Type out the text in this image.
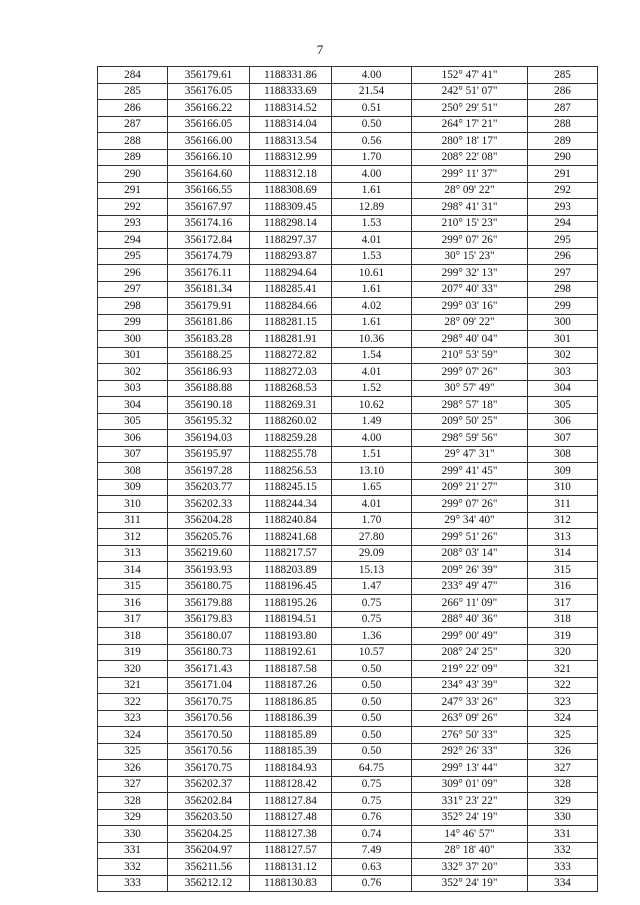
7
284	356179.61	1188331.86	4.00	152° 47' 41"	285
285	356176.05	1188333.69	21.54	242° 51' 07"	286
286	356166.22	1188314.52	0.51	250° 29' 51"	287
287	356166.05	1188314.04	0.50	264° 17' 21"	288
288	356166.00	1188313.54	0.56	280° 18' 17"	289
289	356166.10	1188312.99	1.70	208° 22' 08"	290
290	356164.60	1188312.18	4.00	299° 11' 37"	291
291	356166.55	1188308.69	1.61	28° 09' 22"	292
292	356167.97	1188309.45	12.89	298° 41' 31"	293
293	356174.16	1188298.14	1.53	210° 15' 23"	294
294	356172.84	1188297.37	4.01	299° 07' 26"	295
295	356174.79	1188293.87	1.53	30° 15' 23"	296
296	356176.11	1188294.64	10.61	299° 32' 13"	297
297	356181.34	1188285.41	1.61	207° 40' 33"	298
298	356179.91	1188284.66	4.02	299° 03' 16"	299
299	356181.86	1188281.15	1.61	28° 09' 22"	300
300	356183.28	1188281.91	10.36	298° 40' 04"	301
301	356188.25	1188272.82	1.54	210° 53' 59"	302
302	356186.93	1188272.03	4.01	299° 07' 26"	303
303	356188.88	1188268.53	1.52	30° 57' 49"	304
304	356190.18	1188269.31	10.62	298° 57' 18"	305
305	356195.32	1188260.02	1.49	209° 50' 25"	306
306	356194.03	1188259.28	4.00	298° 59' 56"	307
307	356195.97	1188255.78	1.51	29° 47' 31"	308
308	356197.28	1188256.53	13.10	299° 41' 45"	309
309	356203.77	1188245.15	1.65	209° 21' 27"	310
310	356202.33	1188244.34	4.01	299° 07' 26"	311
311	356204.28	1188240.84	1.70	29° 34' 40"	312
312	356205.76	1188241.68	27.80	299° 51' 26"	313
313	356219.60	1188217.57	29.09	208° 03' 14"	314
314	356193.93	1188203.89	15.13	209° 26' 39"	315
315	356180.75	1188196.45	1.47	233° 49' 47"	316
316	356179.88	1188195.26	0.75	266° 11' 09"	317
317	356179.83	1188194.51	0.75	288° 40' 36"	318
318	356180.07	1188193.80	1.36	299° 00' 49"	319
319	356180.73	1188192.61	10.57	208° 24' 25"	320
320	356171.43	1188187.58	0.50	219° 22' 09"	321
321	356171.04	1188187.26	0.50	234° 43' 39"	322
322	356170.75	1188186.85	0.50	247° 33' 26"	323
323	356170.56	1188186.39	0.50	263° 09' 26"	324
324	356170.50	1188185.89	0.50	276° 50' 33"	325
325	356170.56	1188185.39	0.50	292° 26' 33"	326
326	356170.75	1188184.93	64.75	299° 13' 44"	327
327	356202.37	1188128.42	0.75	309° 01' 09"	328
328	356202.84	1188127.84	0.75	331° 23' 22"	329
329	356203.50	1188127.48	0.76	352° 24' 19"	330
330	356204.25	1188127.38	0.74	14° 46' 57"	331
331	356204.97	1188127.57	7.49	28° 18' 40"	332
332	356211.56	1188131.12	0.63	332° 37' 20"	333
333	356212.12	1188130.83	0.76	352° 24' 19"	334
